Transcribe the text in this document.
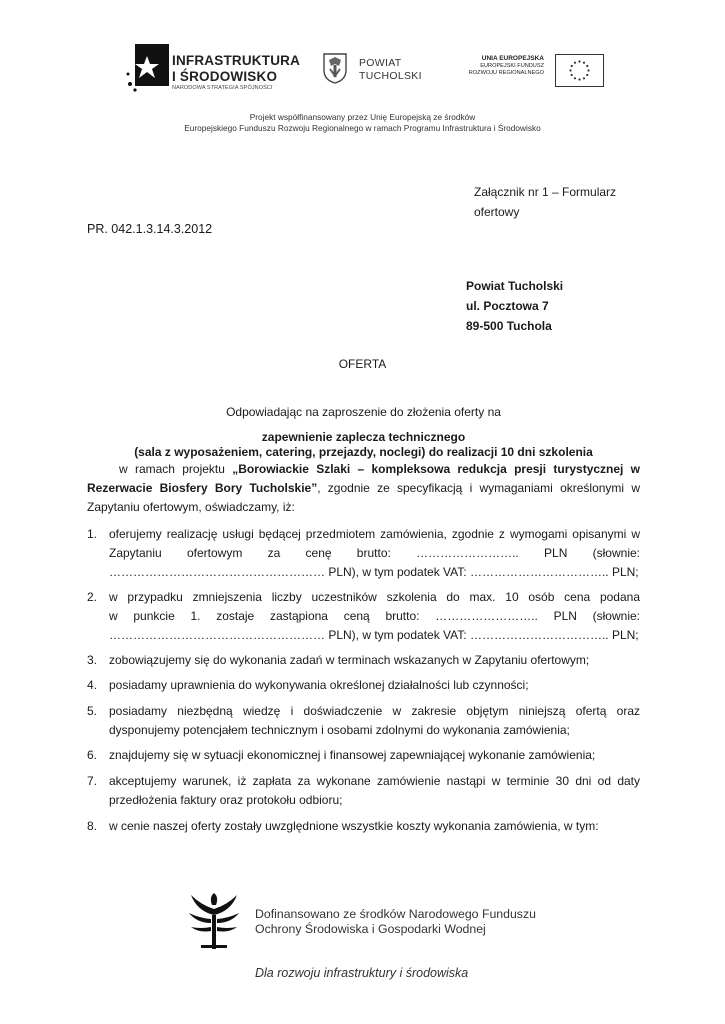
INFRASTRUKTURA
I ŚRODOWISKO
NARODOWA STRATEGIA SPÓJNOŚCI
POWIAT
TUCHOLSKI
UNIA EUROPEJSKA
EUROPEJSKI FUNDUSZ
ROZWOJU REGIONALNEGO
Projekt współfinansowany przez Unię Europejską ze środków
Europejskiego Funduszu Rozwoju Regionalnego w ramach Programu Infrastruktura i Środowisko
Załącznik nr 1 – Formularz
ofertowy
PR. 042.1.3.14.3.2012
Powiat Tucholski
ul. Pocztowa 7
89-500 Tuchola
OFERTA
Odpowiadając na zaproszenie do złożenia oferty na
zapewnienie zaplecza technicznego
(sala z wyposażeniem, catering, przejazdy, noclegi) do realizacji 10 dni szkolenia
w ramach projektu „Borowiackie Szlaki – kompleksowa redukcja presji turystycznej w Rezerwacie Biosfery Bory Tucholskie”, zgodnie ze specyfikacją i wymaganiami określonymi w Zapytaniu ofertowym, oświadczamy, iż:
1. oferujemy realizację usługi będącej przedmiotem zamówienia, zgodnie z wymogami opisanymi w
Zapytaniu ofertowym za cenę brutto: …………………….. PLN (słownie:
……………………………………………… PLN), w tym podatek VAT: …………………………….. PLN;
2. w przypadku zmniejszenia liczby uczestników szkolenia do max. 10 osób cena podana
w punkcie 1. zostaje zastąpiona ceną brutto: …………………….. PLN (słownie:
……………………………………………… PLN), w tym podatek VAT: …………………………….. PLN;
3. zobowiązujemy się do wykonania zadań w terminach wskazanych w Zapytaniu ofertowym;
4. posiadamy uprawnienia do wykonywania określonej działalności lub czynności;
5. posiadamy niezbędną wiedzę i doświadczenie w zakresie objętym niniejszą ofertą oraz
dysponujemy potencjałem technicznym i osobami zdolnymi do wykonania zamówienia;
6. znajdujemy się w sytuacji ekonomicznej i finansowej zapewniającej wykonanie zamówienia;
7. akceptujemy warunek, iż zapłata za wykonane zamówienie nastąpi w terminie 30 dni od daty
przedłożenia faktury oraz protokołu odbioru;
8. w cenie naszej oferty zostały uwzględnione wszystkie koszty wykonania zamówienia, w tym:
Dofinansowano ze środków Narodowego Funduszu
Ochrony Środowiska i Gospodarki Wodnej
Dla rozwoju infrastruktury i środowiska
